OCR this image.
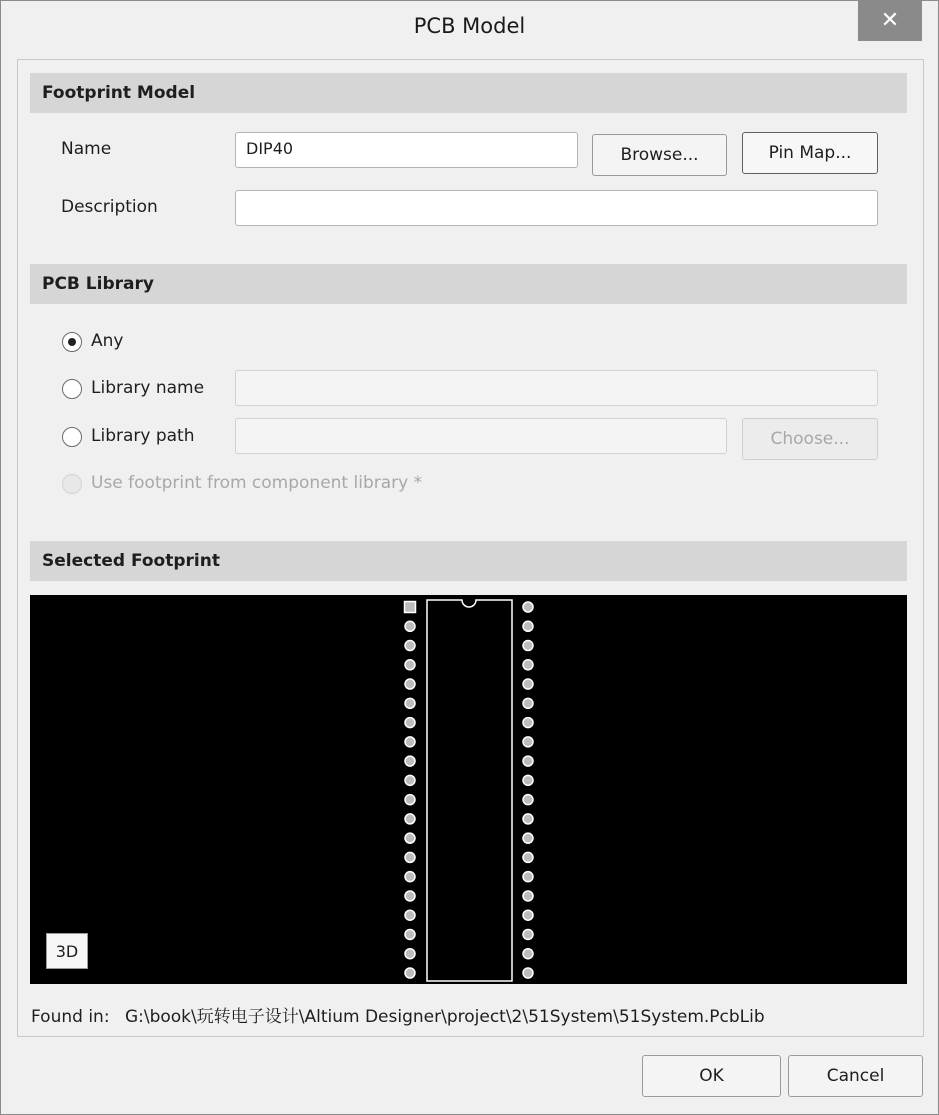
PCB Model	✕
Footprint Model
Name	DIP40	Browse...	Pin Map...
Description
PCB Library
Any
Library name
Library path	Choose...
Use footprint from component library *
Selected Footprint
3D
Found in: G:\book\玩转电子设计\Altium Designer\project\2\51System\51System.PcbLib
OK	Cancel
